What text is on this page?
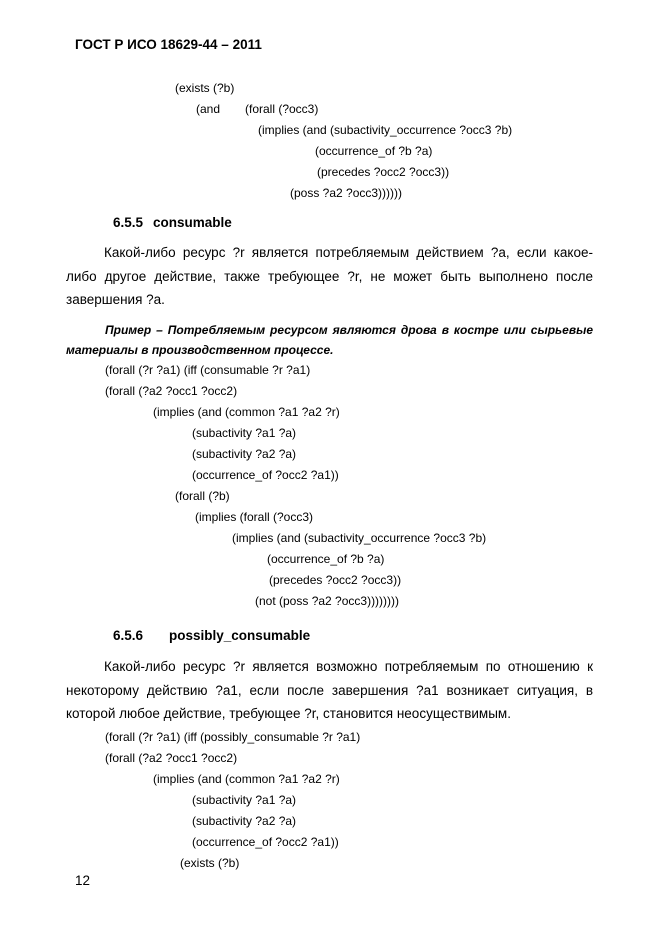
ГОСТ Р ИСО 18629-44 – 2011
(exists (?b)
(and (forall (?occ3)
(implies (and (subactivity_occurrence ?occ3 ?b)
(occurrence_of ?b ?a)
(precedes ?occ2 ?occ3))
(poss ?a2 ?occ3))))))
6.5.5 consumable
Какой-либо ресурс ?r является потребляемым действием ?a, если какое-
либо другое действие, также требующее ?r, не может быть выполнено после
завершения ?a.
Пример – Потребляемым ресурсом являются дрова в костре или сырьевые
материалы в производственном процессе.
(forall (?r ?a1) (iff (consumable ?r ?a1)
(forall (?a2 ?occ1 ?occ2)
(implies (and (common ?a1 ?a2 ?r)
(subactivity ?a1 ?a)
(subactivity ?a2 ?a)
(occurrence_of ?occ2 ?a1))
(forall (?b)
(implies (forall (?occ3)
(implies (and (subactivity_occurrence ?occ3 ?b)
(occurrence_of ?b ?a)
(precedes ?occ2 ?occ3))
(not (poss ?a2 ?occ3))))))))
6.5.6 possibly_consumable
Какой-либо ресурс ?r является возможно потребляемым по отношению к
некоторому действию ?a1, если после завершения ?a1 возникает ситуация, в
которой любое действие, требующее ?r, становится неосуществимым.
(forall (?r ?a1) (iff (possibly_consumable ?r ?a1)
(forall (?a2 ?occ1 ?occ2)
(implies (and (common ?a1 ?a2 ?r)
(subactivity ?a1 ?a)
(subactivity ?a2 ?a)
(occurrence_of ?occ2 ?a1))
(exists (?b)
12
